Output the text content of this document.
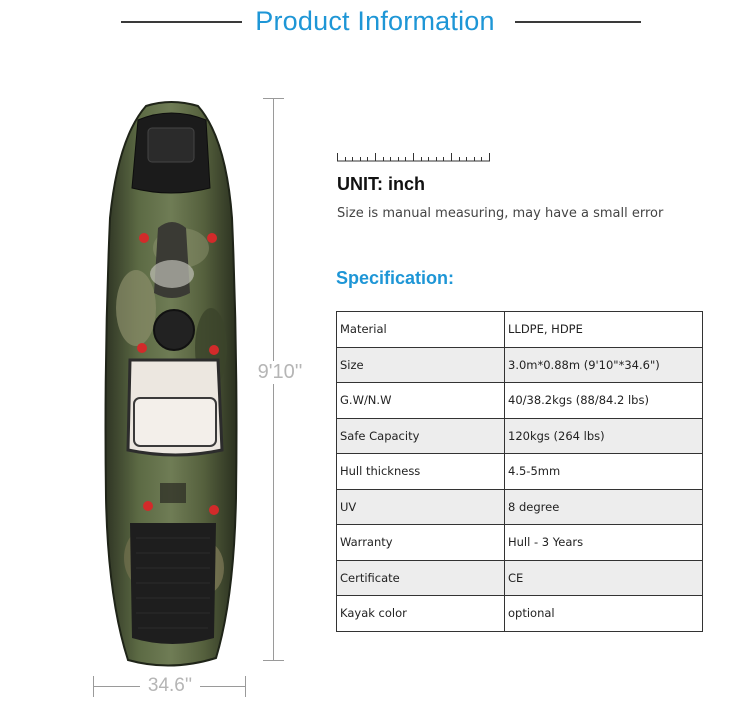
Product Information
9'10''
34.6''
UNIT: inch
Size is manual measuring, may have a small error
Specification:
Material	LLDPE, HDPE
Size	3.0m*0.88m (9'10"*34.6")
G.W/N.W	40/38.2kgs (88/84.2 lbs)
Safe Capacity	120kgs (264 lbs)
Hull thickness	4.5-5mm
UV	8 degree
Warranty	Hull - 3 Years
Certificate	CE
Kayak color	optional
